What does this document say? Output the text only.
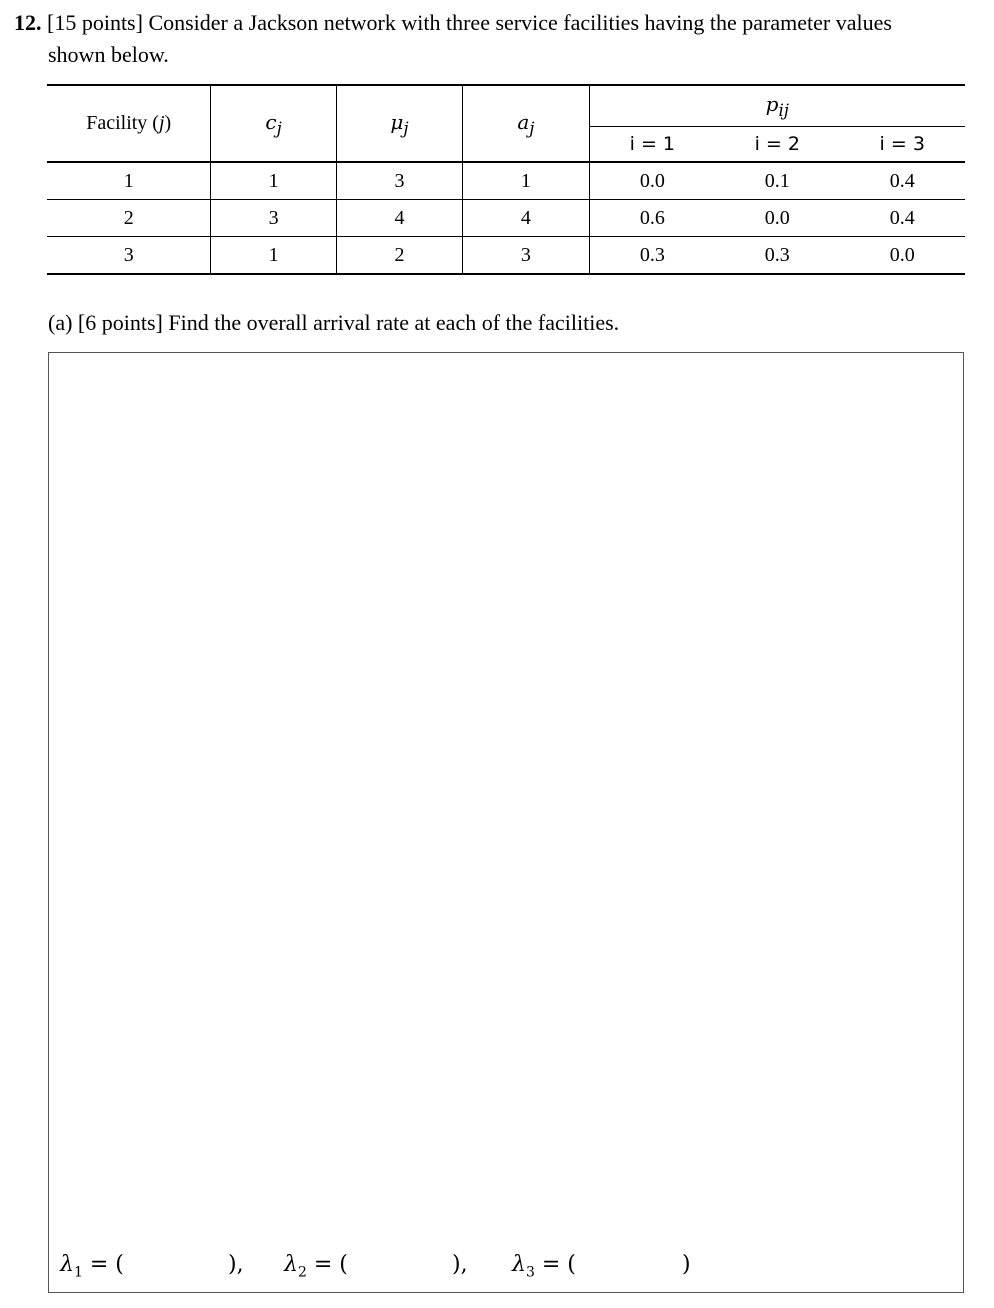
12. [15 points] Consider a Jackson network with three service facilities having the parameter values
shown below.
Facility (j)	$c_j$	$\mu_j$	$a_j$	$p_{ij}$
				i = 1	i = 2	i = 3
1	1	3	1	0.0	0.1	0.4
2	3	4	4	0.6	0.0	0.4
3	1	2	3	0.3	0.3	0.0
(a) [6 points] Find the overall arrival rate at each of the facilities.
$\lambda_1$ = (	), $\lambda_2$ = (	), $\lambda_3$ = (	)
